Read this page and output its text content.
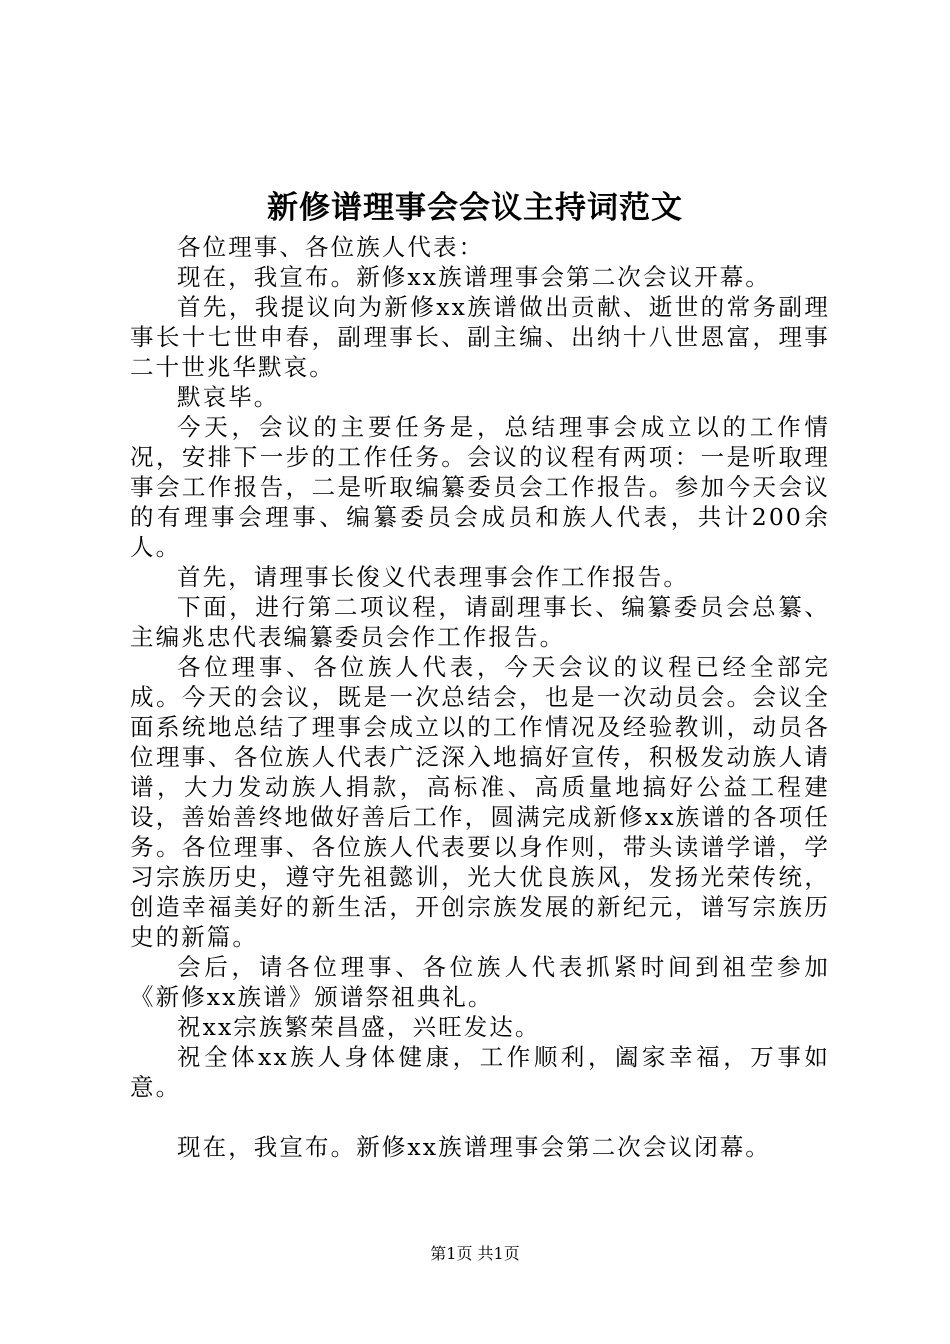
新修谱理事会会议主持词范文

各位理事、各位族人代表：

现在，我宣布。新修xx族谱理事会第二次会议开幕。

首先，我提议向为新修xx族谱做出贡献、逝世的常务副理事长十七世申春，副理事长、副主编、出纳十八世恩富，理事二十世兆华默哀。

默哀毕。

今天，会议的主要任务是，总结理事会成立以的工作情况，安排下一步的工作任务。会议的议程有两项：一是听取理事会工作报告，二是听取编纂委员会工作报告。参加今天会议的有理事会理事、编纂委员会成员和族人代表，共计200余人。

首先，请理事长俊义代表理事会作工作报告。

下面，进行第二项议程，请副理事长、编纂委员会总纂、主编兆忠代表编纂委员会作工作报告。

各位理事、各位族人代表，今天会议的议程已经全部完成。今天的会议，既是一次总结会，也是一次动员会。会议全面系统地总结了理事会成立以的工作情况及经验教训，动员各位理事、各位族人代表广泛深入地搞好宣传，积极发动族人请谱，大力发动族人捐款，高标准、高质量地搞好公益工程建设，善始善终地做好善后工作，圆满完成新修xx族谱的各项任务。各位理事、各位族人代表要以身作则，带头读谱学谱，学习宗族历史，遵守先祖懿训，光大优良族风，发扬光荣传统，创造幸福美好的新生活，开创宗族发展的新纪元，谱写宗族历史的新篇。

会后，请各位理事、各位族人代表抓紧时间到祖茔参加《新修xx族谱》颁谱祭祖典礼。

祝xx宗族繁荣昌盛，兴旺发达。

祝全体xx族人身体健康，工作顺利，阖家幸福，万事如意。

现在，我宣布。新修xx族谱理事会第二次会议闭幕。

第1页 共1页
